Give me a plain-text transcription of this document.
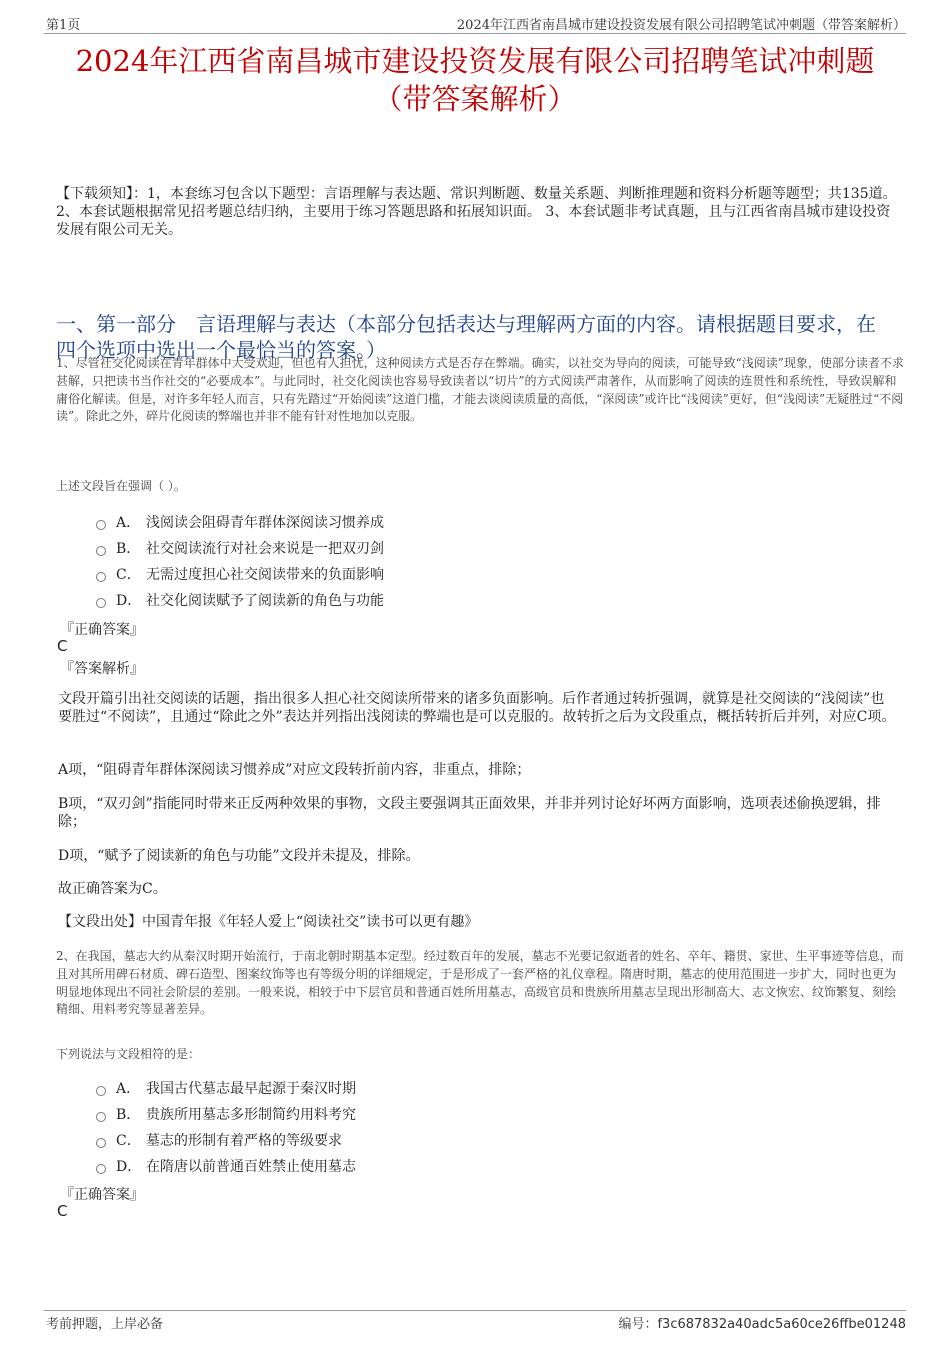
第1页	2024年江西省南昌城市建设投资发展有限公司招聘笔试冲刺题（带答案解析）
2024年江西省南昌城市建设投资发展有限公司招聘笔试冲刺题
（带答案解析）
【下载须知】：1，本套练习包含以下题型：言语理解与表达题、常识判断题、数量关系题、判断推理题和资料分析题等题型；共135道。 2、本套试题根据常见招考题总结归纳，主要用于练习答题思路和拓展知识面。 3、本套试题非考试真题，且与江西省南昌城市建设投资发展有限公司无关。
一、第一部分　言语理解与表达（本部分包括表达与理解两方面的内容。请根据题目要求，在四个选项中选出一个最恰当的答案。）
1、尽管社交化阅读在青年群体中大受欢迎，但也有人担忧，这种阅读方式是否存在弊端。确实，以社交为导向的阅读，可能导致“浅阅读”现象，使部分读者不求甚解，只把读书当作社交的“必要成本”。与此同时，社交化阅读也容易导致读者以“切片”的方式阅读严肃著作，从而影响了阅读的连贯性和系统性，导致误解和庸俗化解读。但是，对许多年轻人而言，只有先踏过“开始阅读”这道门槛，才能去谈阅读质量的高低，“深阅读”或许比“浅阅读”更好，但“浅阅读”无疑胜过“不阅读”。除此之外，碎片化阅读的弊端也并非不能有针对性地加以克服。
上述文段旨在强调（ ）。
A． 浅阅读会阻碍青年群体深阅读习惯养成
B． 社交阅读流行对社会来说是一把双刃剑
C． 无需过度担心社交阅读带来的负面影响
D． 社交化阅读赋予了阅读新的角色与功能
『正确答案』
C
『答案解析』
文段开篇引出社交阅读的话题，指出很多人担心社交阅读所带来的诸多负面影响。后作者通过转折强调，就算是社交阅读的“浅阅读”也要胜过“不阅读”，且通过“除此之外”表达并列指出浅阅读的弊端也是可以克服的。故转折之后为文段重点，概括转折后并列，对应C项。
A项，“阻碍青年群体深阅读习惯养成”对应文段转折前内容，非重点，排除；
B项，“双刃剑”指能同时带来正反两种效果的事物，文段主要强调其正面效果，并非并列讨论好坏两方面影响，选项表述偷换逻辑，排除；
D项，“赋予了阅读新的角色与功能”文段并未提及，排除。
故正确答案为C。
【文段出处】中国青年报《年轻人爱上“阅读社交”读书可以更有趣》
2、在我国，墓志大约从秦汉时期开始流行，于南北朝时期基本定型。经过数百年的发展，墓志不光要记叙逝者的姓名、卒年、籍贯、家世、生平事迹等信息，而且对其所用碑石材质、碑石造型、图案纹饰等也有等级分明的详细规定，于是形成了一套严格的礼仪章程。隋唐时期，墓志的使用范围进一步扩大，同时也更为明显地体现出不同社会阶层的差别。一般来说，相较于中下层官员和普通百姓所用墓志，高级官员和贵族所用墓志呈现出形制高大、志文恢宏、纹饰繁复、刻绘精细、用料考究等显著差异。
下列说法与文段相符的是：
A． 我国古代墓志最早起源于秦汉时期
B． 贵族所用墓志多形制简约用料考究
C． 墓志的形制有着严格的等级要求
D． 在隋唐以前普通百姓禁止使用墓志
『正确答案』
C
考前押题，上岸必备	编号：f3c687832a40adc5a60ce26ffbe01248
